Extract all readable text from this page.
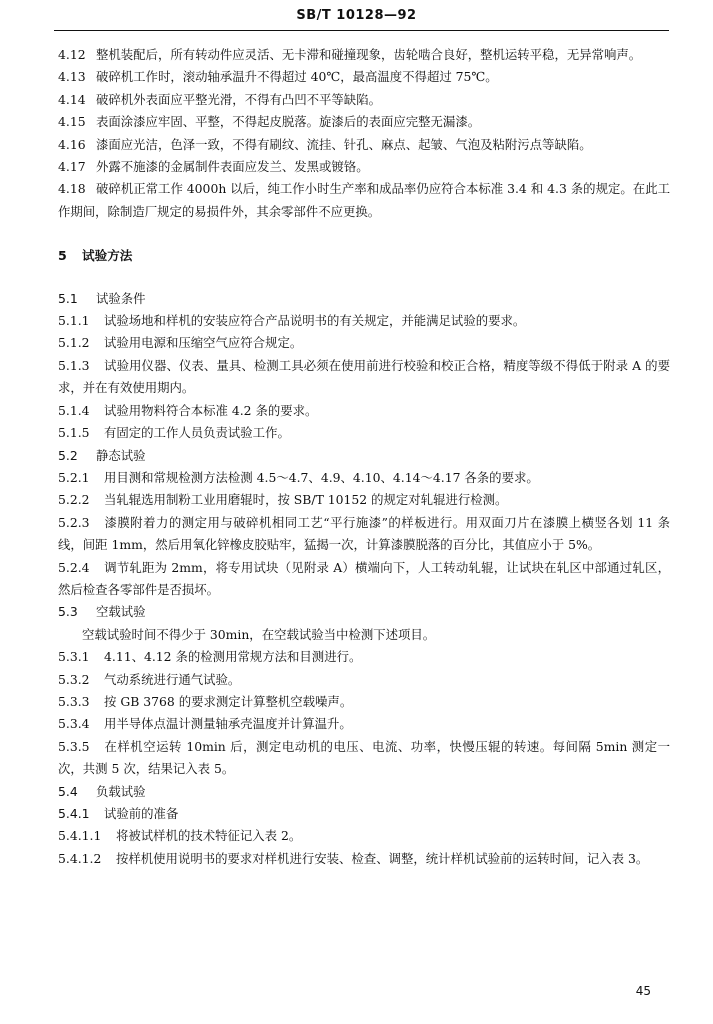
SB/T 10128—92

4.12 整机装配后，所有转动件应灵活、无卡滞和碰撞现象，齿轮啮合良好，整机运转平稳，无异常响声。

4.13 破碎机工作时，滚动轴承温升不得超过 40℃，最高温度不得超过 75℃。

4.14 破碎机外表面应平整光滑，不得有凸凹不平等缺陷。

4.15 表面涂漆应牢固、平整，不得起皮脱落。旋漆后的表面应完整无漏漆。

4.16 漆面应光洁，色泽一致，不得有刷纹、流挂、针孔、麻点、起皱、气泡及粘附污点等缺陷。

4.17 外露不施漆的金属制件表面应发兰、发黑或镀铬。

4.18 破碎机正常工作 4000h 以后，纯工作小时生产率和成品率仍应符合本标准 3.4 和 4.3 条的规定。在此工作期间，除制造厂规定的易损件外，其余零部件不应更换。

5 试验方法

5.1 试验条件

5.1.1 试验场地和样机的安装应符合产品说明书的有关规定，并能满足试验的要求。

5.1.2 试验用电源和压缩空气应符合规定。

5.1.3 试验用仪器、仪表、量具、检测工具必须在使用前进行校验和校正合格，精度等级不得低于附录 A 的要求，并在有效使用期内。

5.1.4 试验用物料符合本标准 4.2 条的要求。

5.1.5 有固定的工作人员负责试验工作。

5.2 静态试验

5.2.1 用目测和常规检测方法检测 4.5～4.7、4.9、4.10、4.14～4.17 各条的要求。

5.2.2 当轧辊选用制粉工业用磨辊时，按 SB/T 10152 的规定对轧辊进行检测。

5.2.3 漆膜附着力的测定用与破碎机相同工艺“平行施漆”的样板进行。用双面刀片在漆膜上横竖各划 11 条线，间距 1mm，然后用氧化锌橡皮胶贴牢，猛揭一次，计算漆膜脱落的百分比，其值应小于 5%。

5.2.4 调节轧距为 2mm，将专用试块（见附录 A）横端向下，人工转动轧辊，让试块在轧区中部通过轧区，然后检查各零部件是否损坏。

5.3 空载试验

空载试验时间不得少于 30min，在空载试验当中检测下述项目。

5.3.1 4.11、4.12 条的检测用常规方法和目测进行。

5.3.2 气动系统进行通气试验。

5.3.3 按 GB 3768 的要求测定计算整机空载噪声。

5.3.4 用半导体点温计测量轴承壳温度并计算温升。

5.3.5 在样机空运转 10min 后，测定电动机的电压、电流、功率，快慢压辊的转速。每间隔 5min 测定一次，共测 5 次，结果记入表 5。

5.4 负载试验

5.4.1 试验前的准备

5.4.1.1 将被试样机的技术特征记入表 2。

5.4.1.2 按样机使用说明书的要求对样机进行安装、检查、调整，统计样机试验前的运转时间，记入表 3。

45
